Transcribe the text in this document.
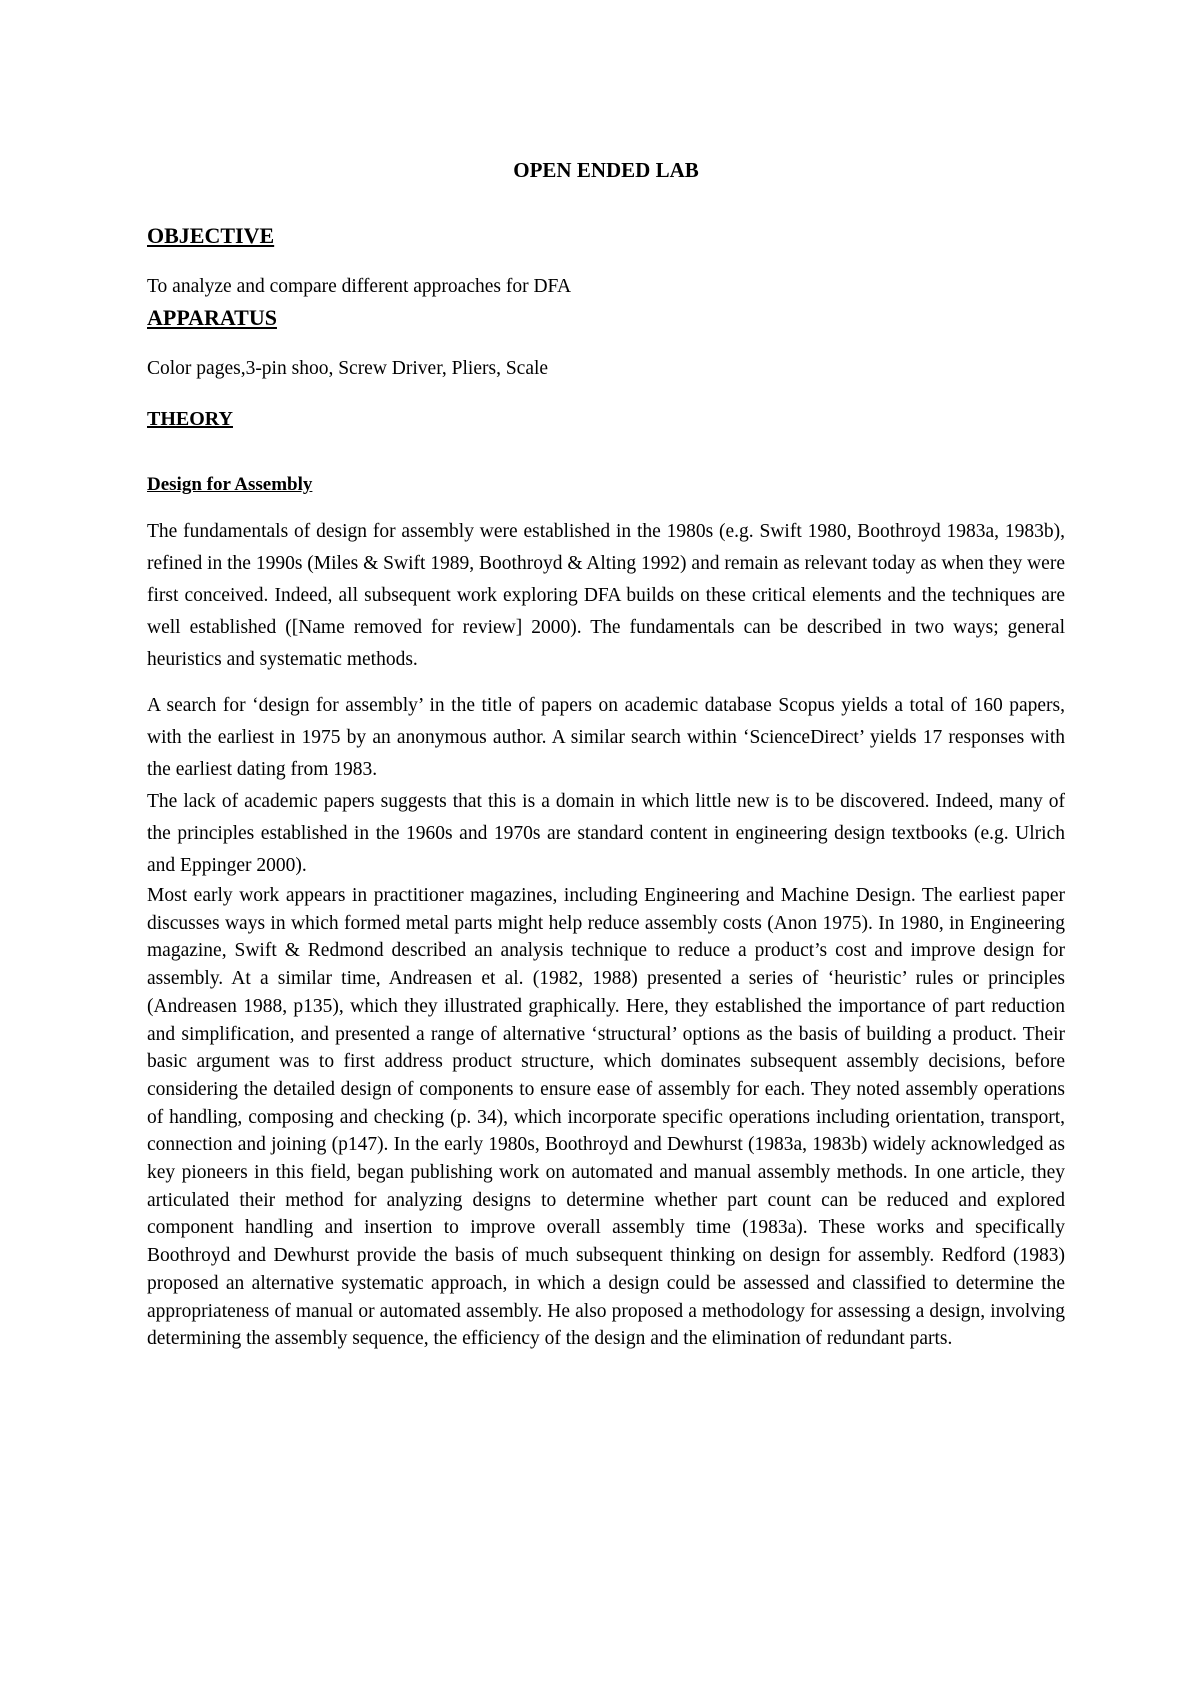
OPEN ENDED LAB
OBJECTIVE

To analyze and compare different approaches for DFA

APPARATUS

Color pages,3-pin shoo, Screw Driver, Pliers, Scale

THEORY
Design for Assembly

The fundamentals of design for assembly were established in the 1980s (e.g. Swift 1980, Boothroyd 1983a, 1983b), refined in the 1990s (Miles & Swift 1989, Boothroyd & Alting 1992) and remain as relevant today as when they were first conceived. Indeed, all subsequent work exploring DFA builds on these critical elements and the techniques are well established ([Name removed for review] 2000). The fundamentals can be described in two ways; general heuristics and systematic methods.

A search for ‘design for assembly’ in the title of papers on academic database Scopus yields a total of 160 papers, with the earliest in 1975 by an anonymous author. A similar search within ‘ScienceDirect’ yields 17 responses with the earliest dating from 1983.

The lack of academic papers suggests that this is a domain in which little new is to be discovered. Indeed, many of the principles established in the 1960s and 1970s are standard content in engineering design textbooks (e.g. Ulrich and Eppinger 2000).

Most early work appears in practitioner magazines, including Engineering and Machine Design. The earliest paper discusses ways in which formed metal parts might help reduce assembly costs (Anon 1975). In 1980, in Engineering magazine, Swift & Redmond described an analysis technique to reduce a product’s cost and improve design for assembly. At a similar time, Andreasen et al. (1982, 1988) presented a series of ‘heuristic’ rules or principles (Andreasen 1988, p135), which they illustrated graphically. Here, they established the importance of part reduction and simplification, and presented a range of alternative ‘structural’ options as the basis of building a product. Their basic argument was to first address product structure, which dominates subsequent assembly decisions, before considering the detailed design of components to ensure ease of assembly for each. They noted assembly operations of handling, composing and checking (p. 34), which incorporate specific operations including orientation, transport, connection and joining (p147). In the early 1980s, Boothroyd and Dewhurst (1983a, 1983b) widely acknowledged as key pioneers in this field, began publishing work on automated and manual assembly methods. In one article, they articulated their method for analyzing designs to determine whether part count can be reduced and explored component handling and insertion to improve overall assembly time (1983a). These works and specifically Boothroyd and Dewhurst provide the basis of much subsequent thinking on design for assembly. Redford (1983) proposed an alternative systematic approach, in which a design could be assessed and classified to determine the appropriateness of manual or automated assembly. He also proposed a methodology for assessing a design, involving determining the assembly sequence, the efficiency of the design and the elimination of redundant parts.
